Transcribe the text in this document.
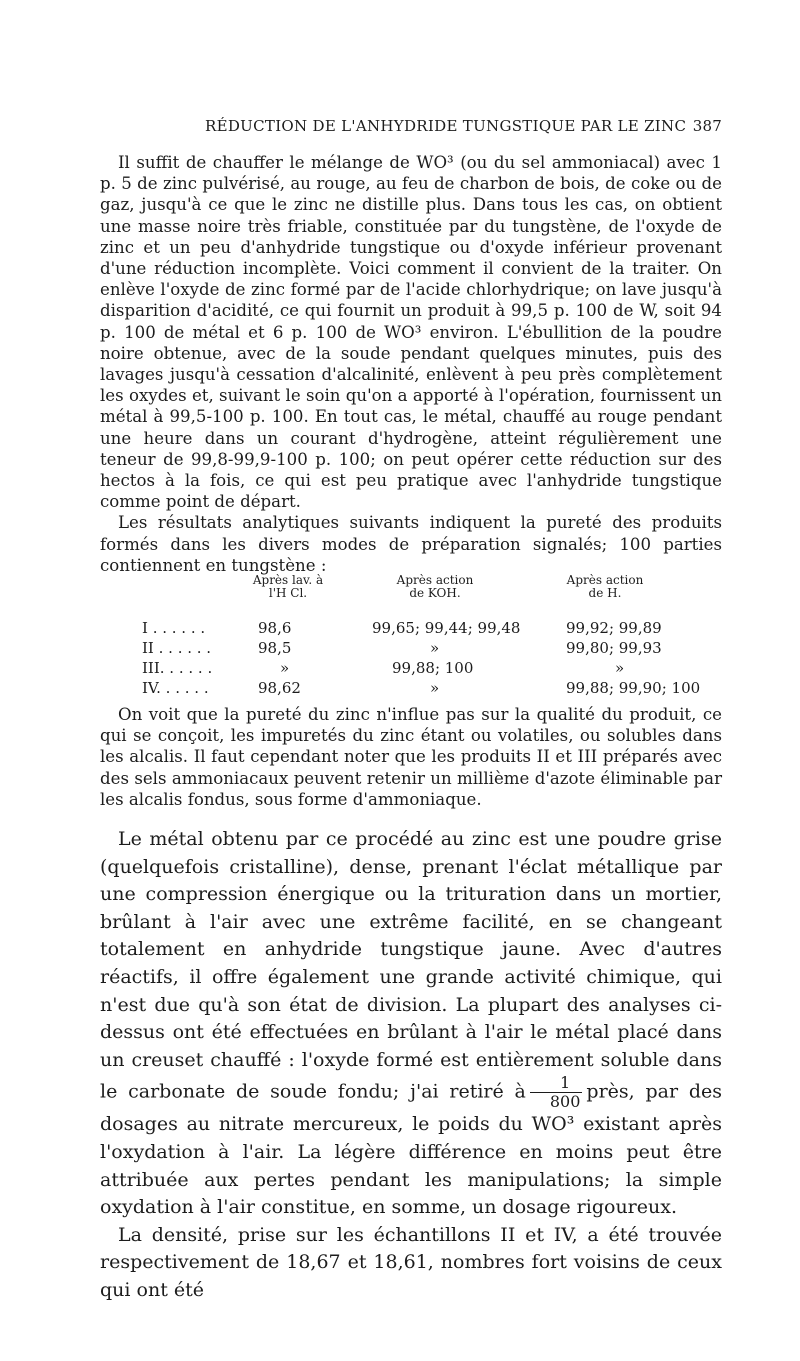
RÉDUCTION DE L'ANHYDRIDE TUNGSTIQUE PAR LE ZINC 387

Il suffit de chauffer le mélange de WO³ (ou du sel ammoniacal) avec 1 p. 5 de zinc pulvérisé, au rouge, au feu de charbon de bois, de coke ou de gaz, jusqu'à ce que le zinc ne distille plus. Dans tous les cas, on obtient une masse noire très friable, constituée par du tungstène, de l'oxyde de zinc et un peu d'anhydride tungstique ou d'oxyde inférieur provenant d'une réduction incomplète. Voici comment il convient de la traiter. On enlève l'oxyde de zinc formé par de l'acide chlorhydrique; on lave jusqu'à disparition d'acidité, ce qui fournit un produit à 99,5 p. 100 de W, soit 94 p. 100 de métal et 6 p. 100 de WO³ environ. L'ébullition de la poudre noire obtenue, avec de la soude pendant quelques minutes, puis des lavages jusqu'à cessation d'alcalinité, enlèvent à peu près complètement les oxydes et, suivant le soin qu'on a apporté à l'opération, fournissent un métal à 99,5-100 p. 100. En tout cas, le métal, chauffé au rouge pendant une heure dans un courant d'hydrogène, atteint régulièrement une teneur de 99,8-99,9-100 p. 100; on peut opérer cette réduction sur des hectos à la fois, ce qui est peu pratique avec l'anhydride tungstique comme point de départ.

Les résultats analytiques suivants indiquent la pureté des produits formés dans les divers modes de préparation signalés; 100 parties contiennent en tungstène :

Après lav. à l'H Cl.
Après action de KOH.
Après action de H.
I . . . . . .	98,6	99,65; 99,44; 99,48	99,92; 99,89
II . . . . . .	98,5	»	99,80; 99,93
III. . . . . .	»	99,88; 100	»
IV. . . . . .	98,62	»	99,88; 99,90; 100

On voit que la pureté du zinc n'influe pas sur la qualité du produit, ce qui se conçoit, les impuretés du zinc étant ou volatiles, ou solubles dans les alcalis. Il faut cependant noter que les produits II et III préparés avec des sels ammoniacaux peuvent retenir un millième d'azote éliminable par les alcalis fondus, sous forme d'ammoniaque.

Le métal obtenu par ce procédé au zinc est une poudre grise (quelquefois cristalline), dense, prenant l'éclat métallique par une compression énergique ou la trituration dans un mortier, brûlant à l'air avec une extrême facilité, en se changeant totalement en anhydride tungstique jaune. Avec d'autres réactifs, il offre également une grande activité chimique, qui n'est due qu'à son état de division. La plupart des analyses ci-dessus ont été effectuées en brûlant à l'air le métal placé dans un creuset chauffé : l'oxyde formé est entièrement soluble dans le carbonate de soude fondu; j'ai retiré à $\frac{1}{800}$ près, par des dosages au nitrate mercureux, le poids du WO³ existant après l'oxydation à l'air. La légère différence en moins peut être attribuée aux pertes pendant les manipulations; la simple oxydation à l'air constitue, en somme, un dosage rigoureux.

La densité, prise sur les échantillons II et IV, a été trouvée respectivement de 18,67 et 18,61, nombres fort voisins de ceux qui ont été
